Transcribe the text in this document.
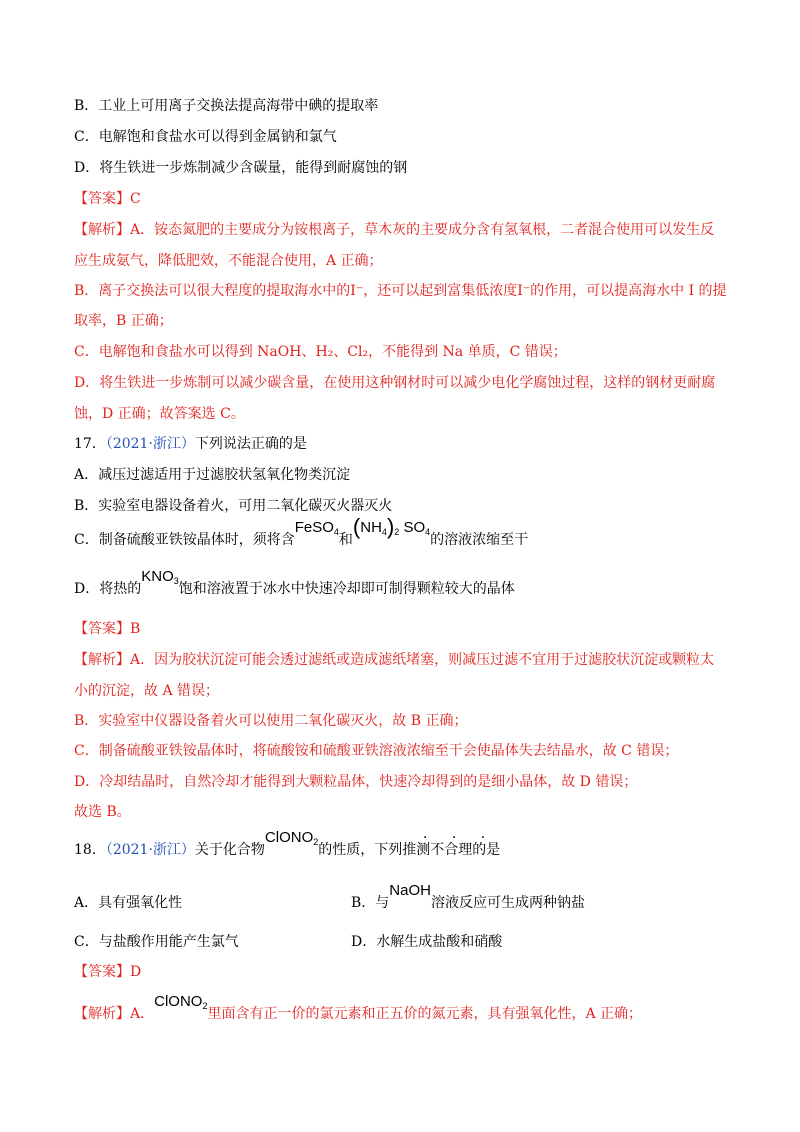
B．工业上可用离子交换法提高海带中碘的提取率
C．电解饱和食盐水可以得到金属钠和氯气
D．将生铁进一步炼制减少含碳量，能得到耐腐蚀的钢
【答案】C
【解析】A．铵态氮肥的主要成分为铵根离子，草木灰的主要成分含有氢氧根，二者混合使用可以发生反
应生成氨气，降低肥效，不能混合使用，A 正确；
B．离子交换法可以很大程度的提取海水中的I⁻，还可以起到富集低浓度I⁻的作用，可以提高海水中 I 的提
取率，B 正确；
C．电解饱和食盐水可以得到 NaOH、H₂、Cl₂，不能得到 Na 单质，C 错误；
D．将生铁进一步炼制可以减少碳含量，在使用这种钢材时可以减少电化学腐蚀过程，这样的钢材更耐腐
蚀，D 正确；故答案选 C。
17．（2021·浙江）下列说法正确的是
A．减压过滤适用于过滤胶状氢氧化物类沉淀
B．实验室电器设备着火，可用二氧化碳灭火器灭火
C．制备硫酸亚铁铵晶体时，须将含FeSO$_4$和$(NH_4)_2$ $SO_4$的溶液浓缩至干
D．将热的$KNO_3$饱和溶液置于冰水中快速冷却即可制得颗粒较大的晶体
【答案】B
【解析】A．因为胶状沉淀可能会透过滤纸或造成滤纸堵塞，则减压过滤不宜用于过滤胶状沉淀或颗粒太
小的沉淀，故 A 错误；
B．实验室中仪器设备着火可以使用二氧化碳灭火，故 B 正确；
C．制备硫酸亚铁铵晶体时，将硫酸铵和硫酸亚铁溶液浓缩至干会使晶体失去结晶水，故 C 错误；
D．冷却结晶时，自然冷却才能得到大颗粒晶体，快速冷却得到的是细小晶体，故 D 错误；
故选 B。
18．（2021·浙江）关于化合物ClONO$_2$的性质，下列推测不合理的是
· · ·
A．具有强氧化性	B．与NaOH溶液反应可生成两种钠盐
C．与盐酸作用能产生氯气	D．水解生成盐酸和硝酸
【答案】D
【解析】A．ClONO$_2$里面含有正一价的氯元素和正五价的氮元素，具有强氧化性，A 正确；
